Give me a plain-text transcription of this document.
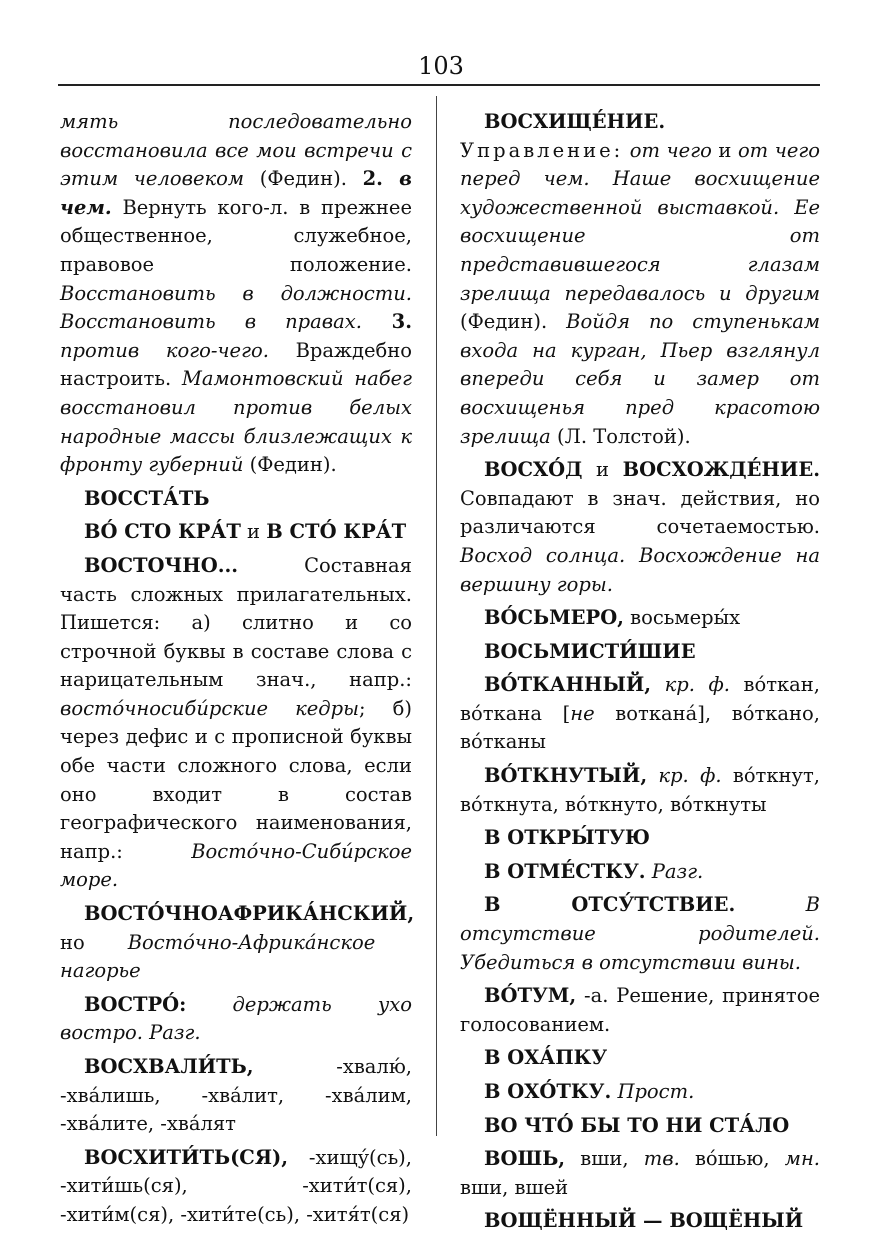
103
мять последовательно восстановила все мои встречи с этим человеком (Федин). 2. в чем. Вернуть кого-л. в прежнее общественное, служебное, правовое положение. Восстановить в должности. Восстановить в правах. 3. против кого-чего. Враждебно настроить. Мамонтовский набег восстановил против белых народные массы близлежащих к фронту губерний (Федин).
ВОССТА́ТЬ
ВО́ СТО КРА́Т и В СТО́ КРА́Т
ВОСТОЧНО... Составная часть сложных прилагательных. Пишется: а) слитно и со строчной буквы в составе слова с нарицательным знач., напр.: восто́чносиби́рские кедры; б) через дефис и с прописной буквы обе части сложного слова, если оно входит в состав географического наименования, напр.: Восто́чно-Сиби́рское море.
ВОСТО́ЧНОАФРИКА́НСКИЙ, но Восто́чно-Африка́нское нагорье
ВОСТРО́: держать ухо востро. Разг.
ВОСХВАЛИ́ТЬ, -хвалю́, -хва́лишь, -хва́лит, -хва́лим, -хва́лите, -хва́лят
ВОСХИТИ́ТЬ(СЯ), -хищу́(сь), -хити́шь(ся), -хити́т(ся), -хити́м(ся), -хити́те(сь), -хитя́т(ся)
ВОСХИЩЕ́НИЕ. Управление: от чего и от чего перед чем. Наше восхищение художественной выставкой. Ее восхищение от представившегося глазам зрелища передавалось и другим (Федин). Войдя по ступенькам входа на курган, Пьер взглянул впереди себя и замер от восхищенья пред красотою зрелища (Л. Толстой).
ВОСХО́Д и ВОСХОЖДЕ́НИЕ. Совпадают в знач. действия, но различаются сочетаемостью. Восход солнца. Восхождение на вершину горы.
ВО́СЬМЕРО, восьмеры́х
ВОСЬМИСТИ́ШИЕ
ВО́ТКАННЫЙ, кр. ф. во́ткан, во́ткана [не воткана́], во́ткано, во́тканы
ВО́ТКНУТЫЙ, кр. ф. во́ткнут, во́ткнута, во́ткнуто, во́ткнуты
В ОТКРЫ́ТУЮ
В ОТМЕ́СТКУ. Разг.
В ОТСУ́ТСТВИЕ. В отсутствие родителей. Убедиться в отсутствии вины.
ВО́ТУМ, -а. Решение, принятое голосованием.
В ОХА́ПКУ
В ОХО́ТКУ. Прост.
ВО ЧТО́ БЫ ТО НИ СТА́ЛО
ВОШЬ, вши, тв. во́шью, мн. вши, вшей
ВОЩЁННЫЙ — ВОЩЁНЫЙ
